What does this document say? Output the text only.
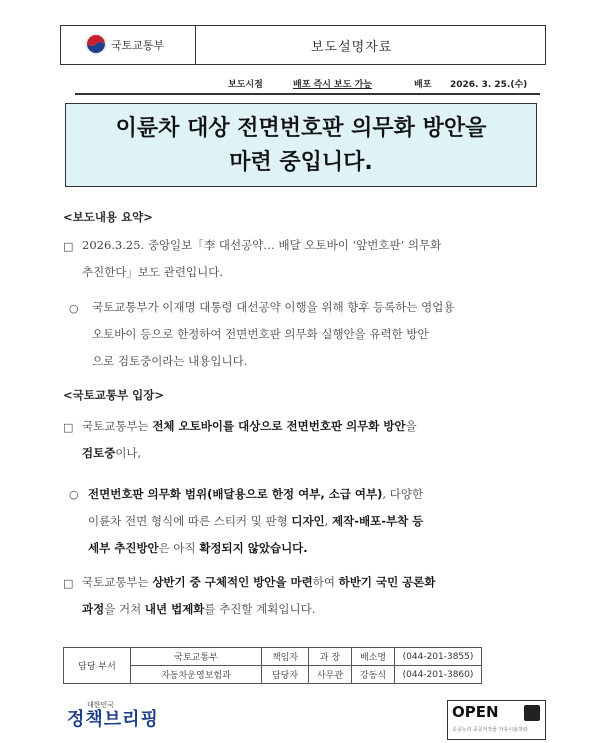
국토교통부	보도설명자료
보도시점	배포 즉시 보도 가능	배포 2026. 3. 25.(수)
이륜차 대상 전면번호판 의무화 방안을
마련 중입니다.
<보도내용 요약>
□ 2026.3.25. 중앙일보「李 대선공약… 배달 오토바이 ‘앞번호판’ 의무화
추진한다」보도 관련입니다.
○ 국토교통부가 이재명 대통령 대선공약 이행을 위해 향후 등록하는 영업용
오토바이 등으로 한정하여 전면번호판 의무화 실행안을 유력한 방안
으로 검토중이라는 내용입니다.
<국토교통부 입장>
□ 국토교통부는 전체 오토바이를 대상으로 전면번호판 의무화 방안을
검토중이나,
○ 전면번호판 의무화 범위(배달용으로 한정 여부, 소급 여부), 다양한
이륜차 전면 형식에 따른 스티커 및 판형 디자인, 제작-배포-부착 등
세부 추진방안은 아직 확정되지 않았습니다.
□ 국토교통부는 상반기 중 구체적인 방안을 마련하여 하반기 국민 공론화
과정을 거쳐 내년 법제화를 추진할 계획입니다.
담당 부서	국토교통부	책임자	과 장	배소명	(044-201-3855)
	자동차운영보험과	담당자	사무관	강동식	(044-201-3860)
대한민국
정책브리핑	OPEN
공공누리 공공저작물 자유이용허락
